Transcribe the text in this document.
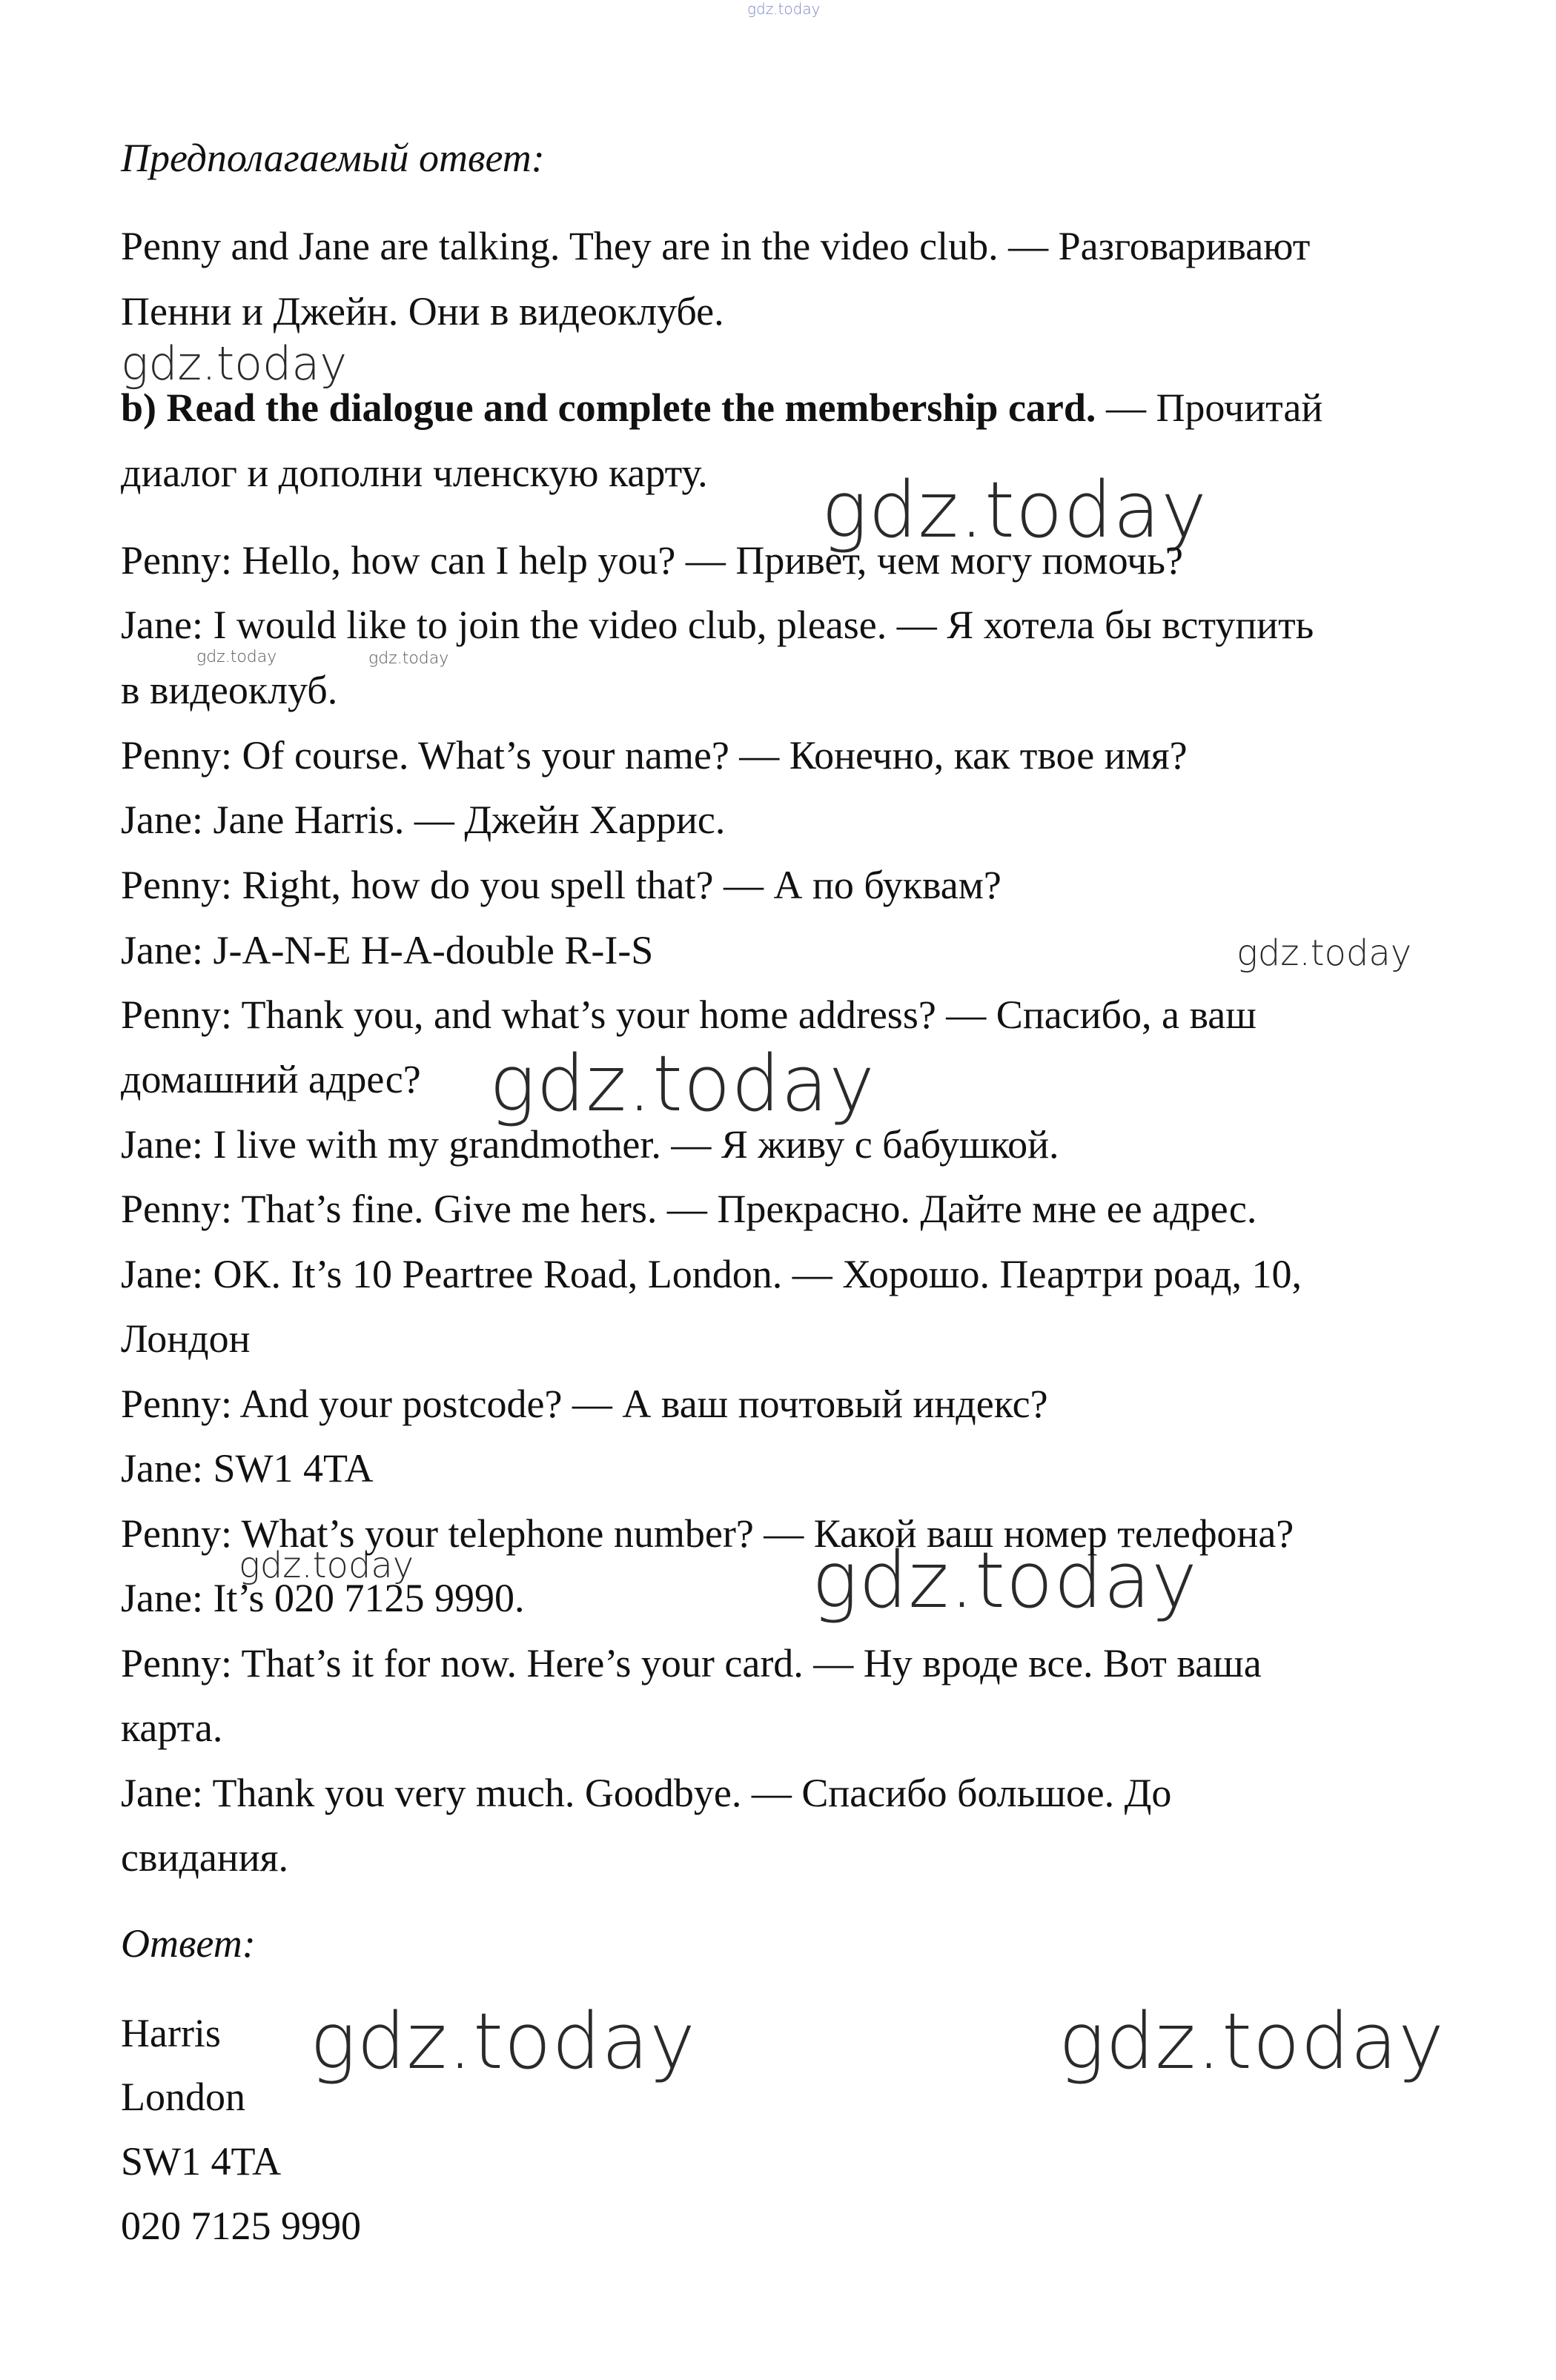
gdz.today
gdz.today
gdz.today
gdz.today	gdz.today
gdz.today
gdz.today
gdz.today	gdz.today
gdz.today	gdz.today
Предполагаемый ответ:
Penny and Jane are talking. They are in the video club. — Разговаривают
Пенни и Джейн. Они в видеоклубе.
b) Read the dialogue and complete the membership card. — Прочитай
диалог и дополни членскую карту.
Penny: Hello, how can I help you? — Привет, чем могу помочь?
Jane: I would like to join the video club, please. — Я хотела бы вступить
в видеоклуб.
Penny: Of course. What’s your name? — Конечно, как твое имя?
Jane: Jane Harris. — Джейн Харрис.
Penny: Right, how do you spell that? — А по буквам?
Jane: J-A-N-E H-A-double R-I-S
Penny: Thank you, and what’s your home address? — Спасибо, а ваш
домашний адрес?
Jane: I live with my grandmother. — Я живу с бабушкой.
Penny: That’s fine. Give me hers. — Прекрасно. Дайте мне ее адрес.
Jane: OK. It’s 10 Peartree Road, London. — Хорошо. Пеартри роад, 10,
Лондон
Penny: And your postcode? — А ваш почтовый индекс?
Jane: SW1 4TA
Penny: What’s your telephone number? — Какой ваш номер телефона?
Jane: It’s 020 7125 9990.
Penny: That’s it for now. Here’s your card. — Ну вроде все. Вот ваша
карта.
Jane: Thank you very much. Goodbye. — Спасибо большое. До
свидания.
Ответ:
Harris
London
SW1 4TA
020 7125 9990
